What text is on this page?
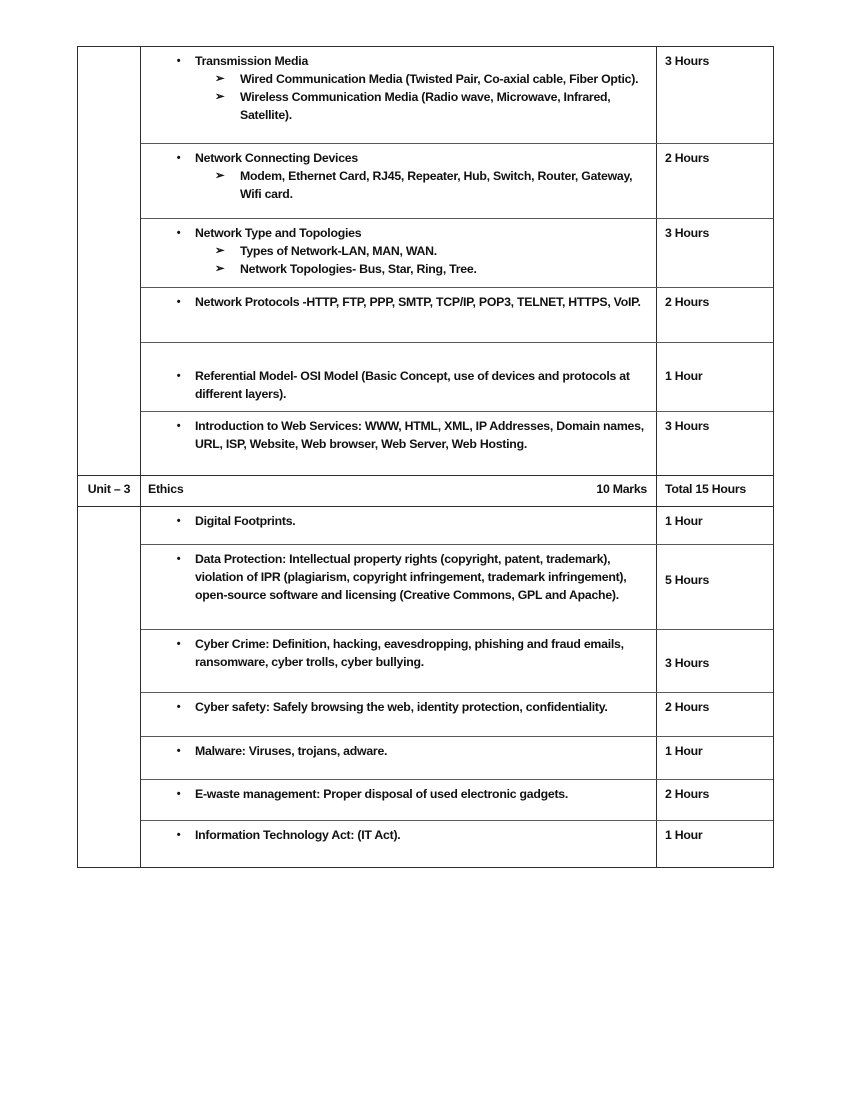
•	Transmission Media
➢	Wired Communication Media (Twisted Pair, Co-axial cable, Fiber Optic).
➢	Wireless Communication Media (Radio wave, Microwave, Infrared, Satellite).
3 Hours
•	Network Connecting Devices
➢	Modem, Ethernet Card, RJ45, Repeater, Hub, Switch, Router, Gateway, Wifi card.
2 Hours
•	Network Type and Topologies
➢	Types of Network-LAN, MAN, WAN.
➢	Network Topologies- Bus, Star, Ring, Tree.
3 Hours
•	Network Protocols -HTTP, FTP, PPP, SMTP, TCP/IP, POP3, TELNET, HTTPS, VoIP.	2 Hours
•	Referential Model- OSI Model (Basic Concept, use of devices and protocols at different layers).
1 Hour
•	Introduction to Web Services: WWW, HTML, XML, IP Addresses, Domain names, URL, ISP, Website, Web browser, Web Server, Web Hosting.
3 Hours
Unit – 3	Ethics	10 Marks	Total 15 Hours
•	Digital Footprints.	1 Hour
•	Data Protection: Intellectual property rights (copyright, patent, trademark), violation of IPR (plagiarism, copyright infringement, trademark infringement), open-source software and licensing (Creative Commons, GPL and Apache).
5 Hours
•	Cyber Crime: Definition, hacking, eavesdropping, phishing and fraud emails, ransomware, cyber trolls, cyber bullying.	3 Hours
•	Cyber safety: Safely browsing the web, identity protection, confidentiality.	2 Hours
•	Malware: Viruses, trojans, adware.	1 Hour
•	E-waste management: Proper disposal of used electronic gadgets.	2 Hours
•	Information Technology Act: (IT Act).	1 Hour
